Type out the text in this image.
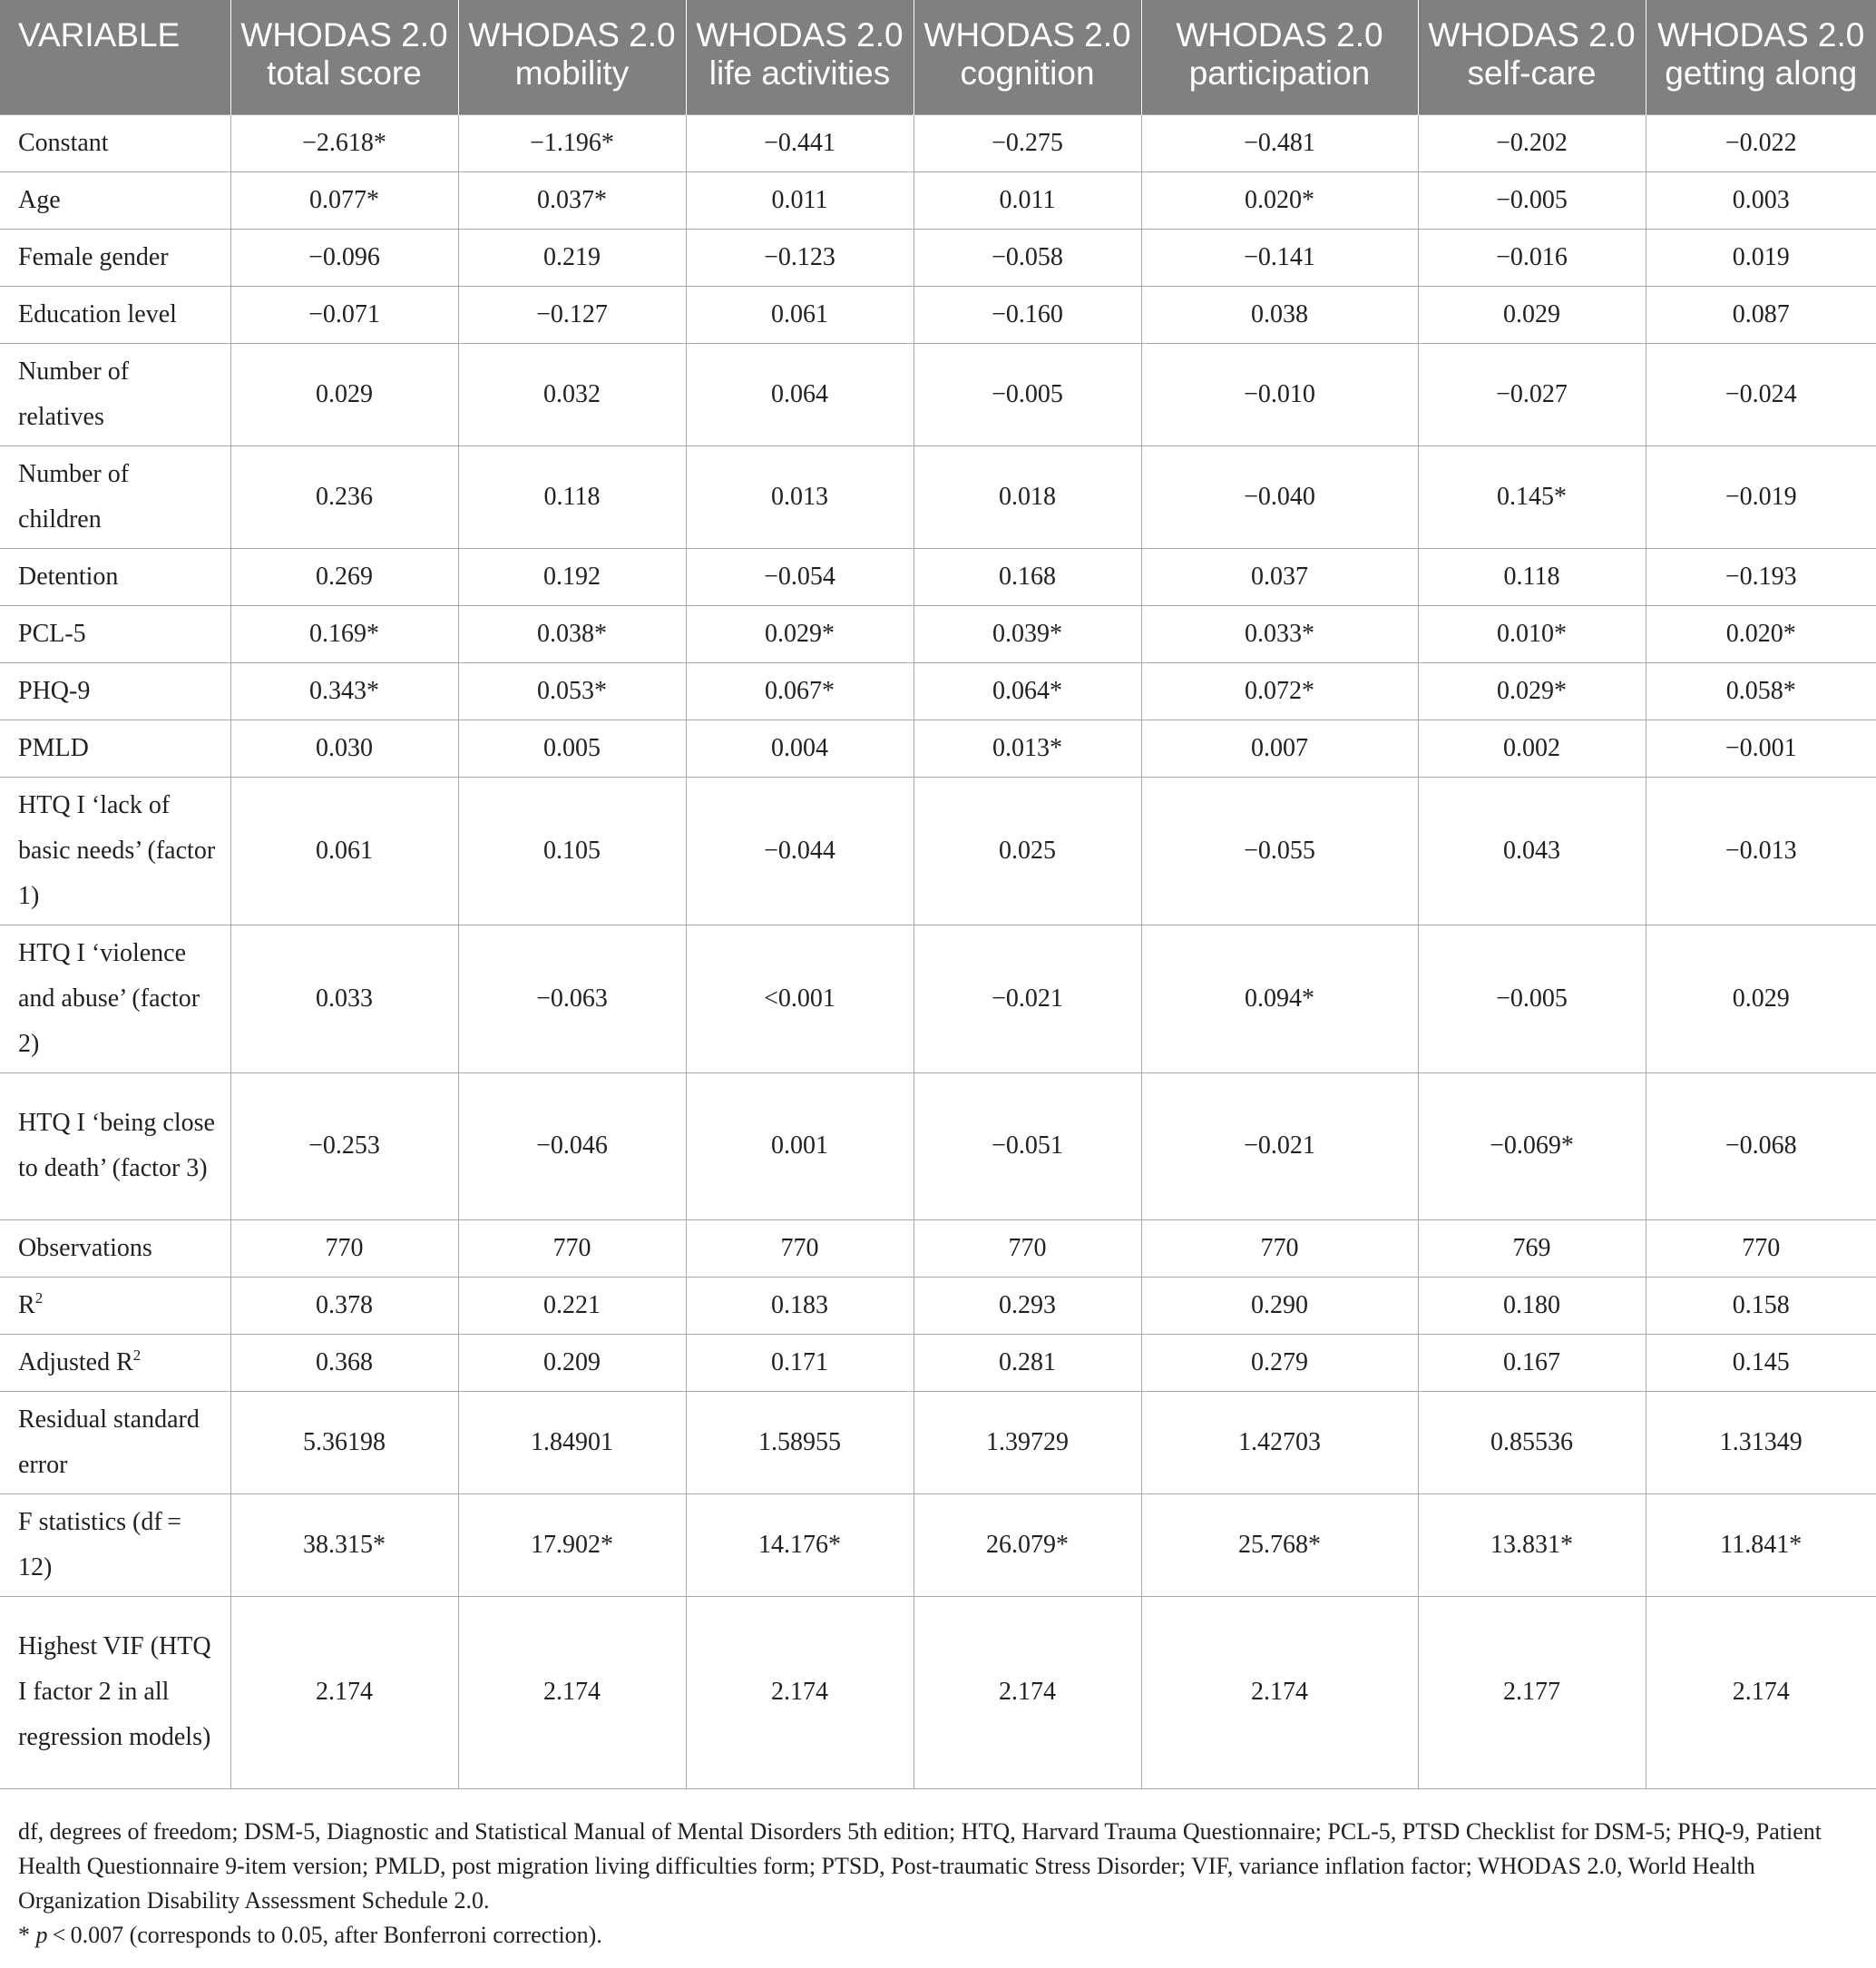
VARIABLE	WHODAS 2.0 total score	WHODAS 2.0 mobility	WHODAS 2.0 life activities	WHODAS 2.0 cognition	WHODAS 2.0 participation	WHODAS 2.0 self-care	WHODAS 2.0 getting along
Constant	−2.618*	−1.196*	−0.441	−0.275	−0.481	−0.202	−0.022
Age	0.077*	0.037*	0.011	0.011	0.020*	−0.005	0.003
Female gender	−0.096	0.219	−0.123	−0.058	−0.141	−0.016	0.019
Education level	−0.071	−0.127	0.061	−0.160	0.038	0.029	0.087
Number of relatives	0.029	0.032	0.064	−0.005	−0.010	−0.027	−0.024
Number of children	0.236	0.118	0.013	0.018	−0.040	0.145*	−0.019
Detention	0.269	0.192	−0.054	0.168	0.037	0.118	−0.193
PCL-5	0.169*	0.038*	0.029*	0.039*	0.033*	0.010*	0.020*
PHQ-9	0.343*	0.053*	0.067*	0.064*	0.072*	0.029*	0.058*
PMLD	0.030	0.005	0.004	0.013*	0.007	0.002	−0.001
HTQ I ‘lack of basic needs’ (factor 1)	0.061	0.105	−0.044	0.025	−0.055	0.043	−0.013
HTQ I ‘violence and abuse’ (factor 2)	0.033	−0.063	<0.001	−0.021	0.094*	−0.005	0.029
HTQ I ‘being close to death’ (factor 3)	−0.253	−0.046	0.001	−0.051	−0.021	−0.069*	−0.068
Observations	770	770	770	770	770	769	770
$R^2$	0.378	0.221	0.183	0.293	0.290	0.180	0.158
Adjusted $R^2$	0.368	0.209	0.171	0.281	0.279	0.167	0.145
Residual standard error	5.36198	1.84901	1.58955	1.39729	1.42703	0.85536	1.31349
F statistics (df = 12)	38.315*	17.902*	14.176*	26.079*	25.768*	13.831*	11.841*
Highest VIF (HTQ I factor 2 in all regression models)	2.174	2.174	2.174	2.174	2.174	2.177	2.174

df, degrees of freedom; DSM-5, Diagnostic and Statistical Manual of Mental Disorders 5th edition; HTQ, Harvard Trauma Questionnaire; PCL-5, PTSD Checklist for DSM-5; PHQ-9, Patient Health Questionnaire 9-item version; PMLD, post migration living difficulties form; PTSD, Post-traumatic Stress Disorder; VIF, variance inflation factor; WHODAS 2.0, World Health Organization Disability Assessment Schedule 2.0.

* p < 0.007 (corresponds to 0.05, after Bonferroni correction).
